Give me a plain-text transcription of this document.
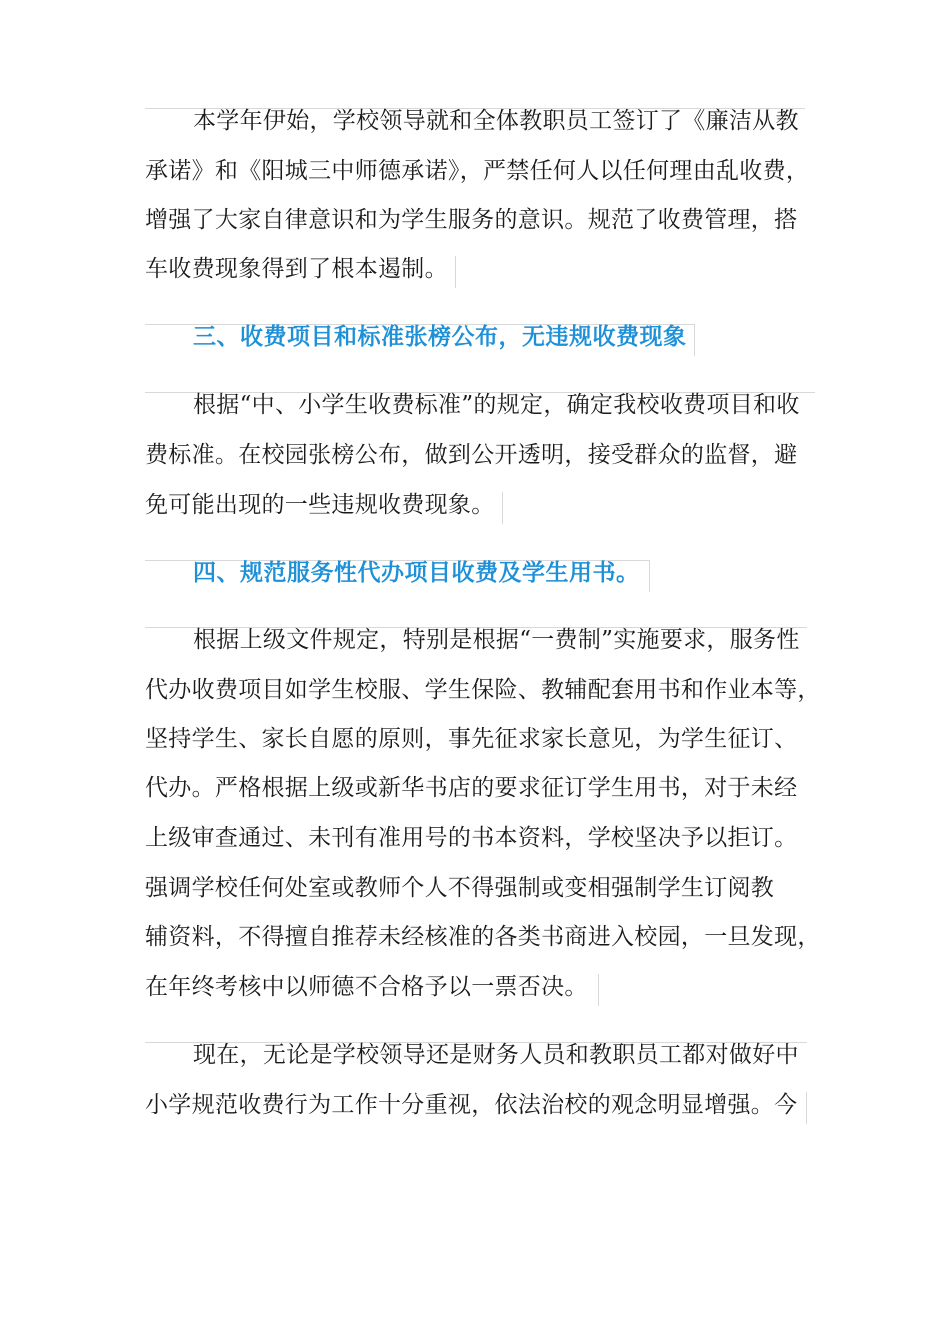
本学年伊始，学校领导就和全体教职员工签订了《廉洁从教
承诺》和《阳城三中师德承诺》，严禁任何人以任何理由乱收费，
增强了大家自律意识和为学生服务的意识。规范了收费管理，搭
车收费现象得到了根本遏制。
三、收费项目和标准张榜公布，无违规收费现象
根据“中、小学生收费标准”的规定，确定我校收费项目和收
费标准。在校园张榜公布，做到公开透明，接受群众的监督，避
免可能出现的一些违规收费现象。
四、规范服务性代办项目收费及学生用书。
根据上级文件规定，特别是根据“一费制”实施要求，服务性
代办收费项目如学生校服、学生保险、教辅配套用书和作业本等，
坚持学生、家长自愿的原则，事先征求家长意见，为学生征订、
代办。严格根据上级或新华书店的要求征订学生用书，对于未经
上级审查通过、未刊有准用号的书本资料，学校坚决予以拒订。
强调学校任何处室或教师个人不得强制或变相强制学生订阅教
辅资料，不得擅自推荐未经核准的各类书商进入校园，一旦发现，
在年终考核中以师德不合格予以一票否决。
现在，无论是学校领导还是财务人员和教职员工都对做好中
小学规范收费行为工作十分重视，依法治校的观念明显增强。今
